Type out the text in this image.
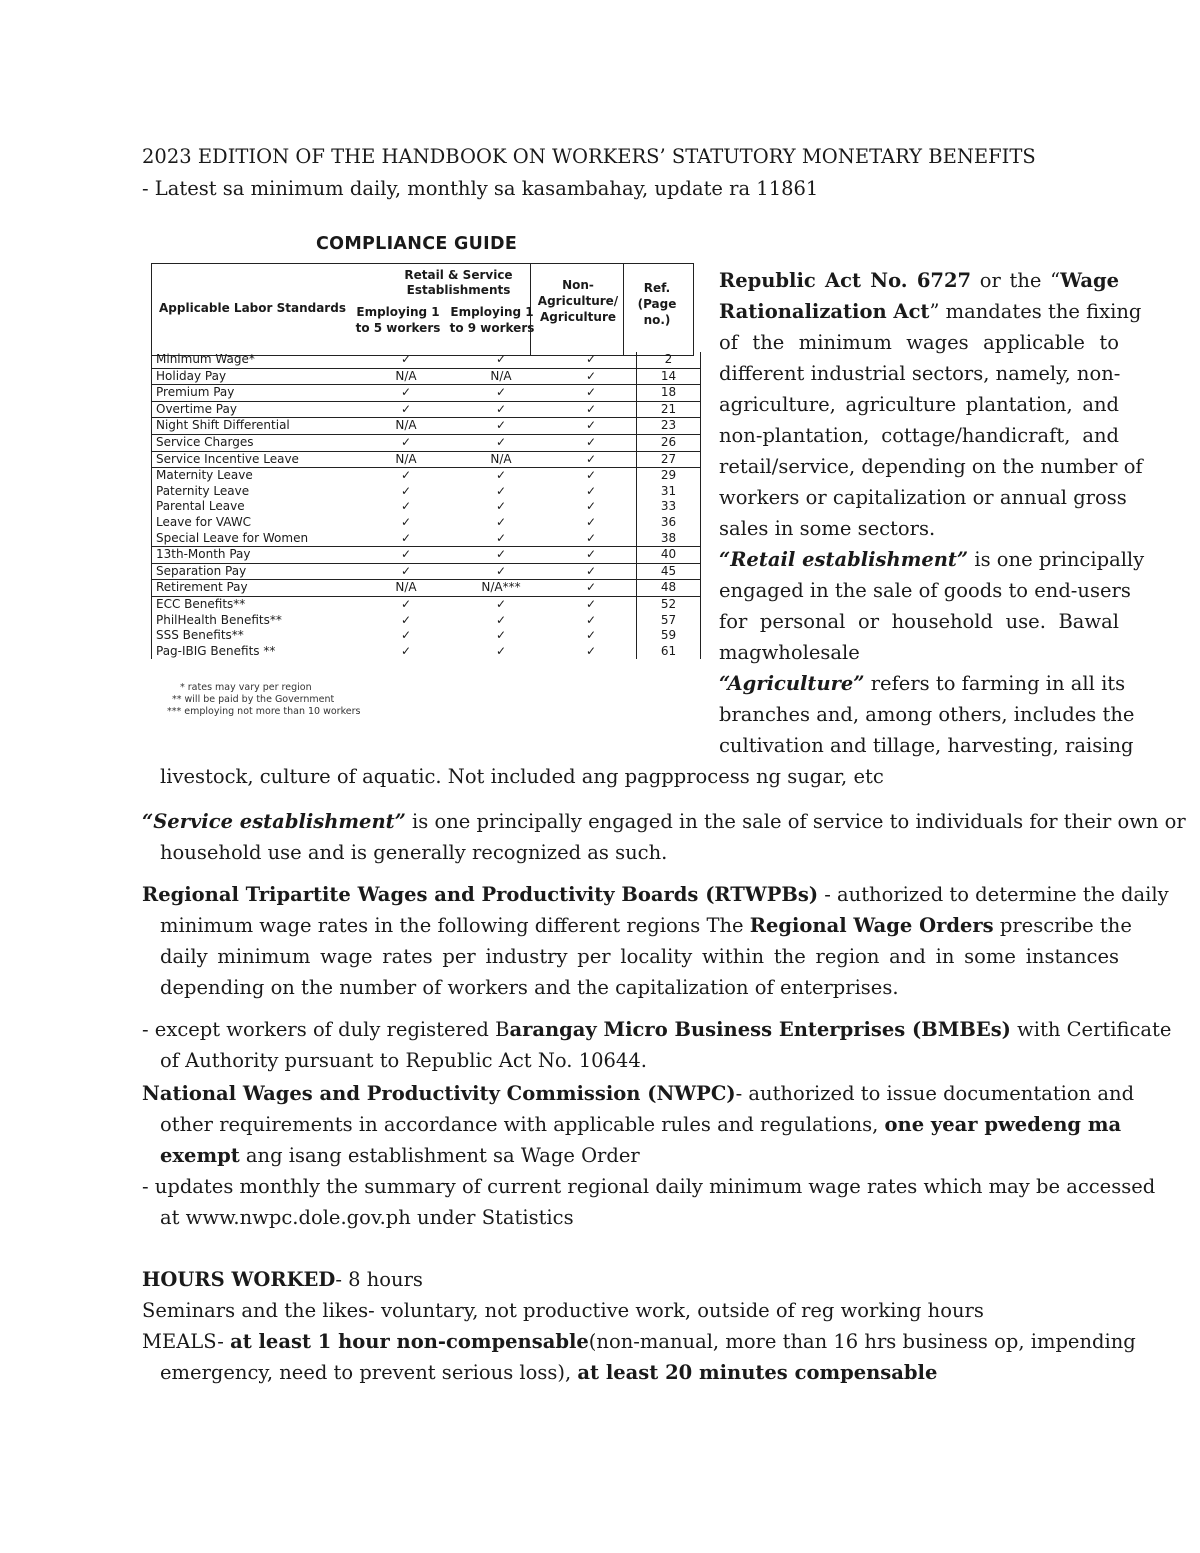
2023 EDITION OF THE HANDBOOK ON WORKERS’ STATUTORY MONETARY BENEFITS
- Latest sa minimum daily, monthly sa kasambahay, update ra 11861
COMPLIANCE GUIDE
Applicable Labor Standards
Retail & Service Establishments
Employing 1 to 5 workers
Employing 1 to 9 workers
Non-Agriculture/ Agriculture
Ref. (Page no.)
Minimum Wage*	✓	✓	✓	2
Holiday Pay	N/A	N/A	✓	14
Premium Pay	✓	✓	✓	18
Overtime Pay	✓	✓	✓	21
Night Shift Differential	N/A	✓	✓	23
Service Charges	✓	✓	✓	26
Service Incentive Leave	N/A	N/A	✓	27
Maternity Leave	✓	✓	✓	29
Paternity Leave	✓	✓	✓	31
Parental Leave	✓	✓	✓	33
Leave for VAWC	✓	✓	✓	36
Special Leave for Women	✓	✓	✓	38
13th-Month Pay	✓	✓	✓	40
Separation Pay	✓	✓	✓	45
Retirement Pay	N/A	N/A***	✓	48
ECC Benefits**	✓	✓	✓	52
PhilHealth Benefits**	✓	✓	✓	57
SSS Benefits**	✓	✓	✓	59
Pag-IBIG Benefits **	✓	✓	✓	61
* rates may vary per region
** will be paid by the Government
*** employing not more than 10 workers
Republic Act No. 6727 or the “Wage
Rationalization Act” mandates the fixing
of the minimum wages applicable to
different industrial sectors, namely, non-
agriculture, agriculture plantation, and
non-plantation, cottage/handicraft, and
retail/service, depending on the number of
workers or capitalization or annual gross
sales in some sectors.
“Retail establishment” is one principally
engaged in the sale of goods to end-users
for personal or household use. Bawal
magwholesale
“Agriculture” refers to farming in all its
branches and, among others, includes the
cultivation and tillage, harvesting, raising
livestock, culture of aquatic. Not included ang pagpprocess ng sugar, etc
“Service establishment” is one principally engaged in the sale of service to individuals for their own or
household use and is generally recognized as such.
Regional Tripartite Wages and Productivity Boards (RTWPBs) - authorized to determine the daily
minimum wage rates in the following different regions The Regional Wage Orders prescribe the
daily minimum wage rates per industry per locality within the region and in some instances
depending on the number of workers and the capitalization of enterprises.
- except workers of duly registered Barangay Micro Business Enterprises (BMBEs) with Certificate
of Authority pursuant to Republic Act No. 10644.
National Wages and Productivity Commission (NWPC)- authorized to issue documentation and
other requirements in accordance with applicable rules and regulations, one year pwedeng ma
exempt ang isang establishment sa Wage Order
- updates monthly the summary of current regional daily minimum wage rates which may be accessed
at www.nwpc.dole.gov.ph under Statistics
HOURS WORKED- 8 hours
Seminars and the likes- voluntary, not productive work, outside of reg working hours
MEALS- at least 1 hour non-compensable(non-manual, more than 16 hrs business op, impending
emergency, need to prevent serious loss), at least 20 minutes compensable
